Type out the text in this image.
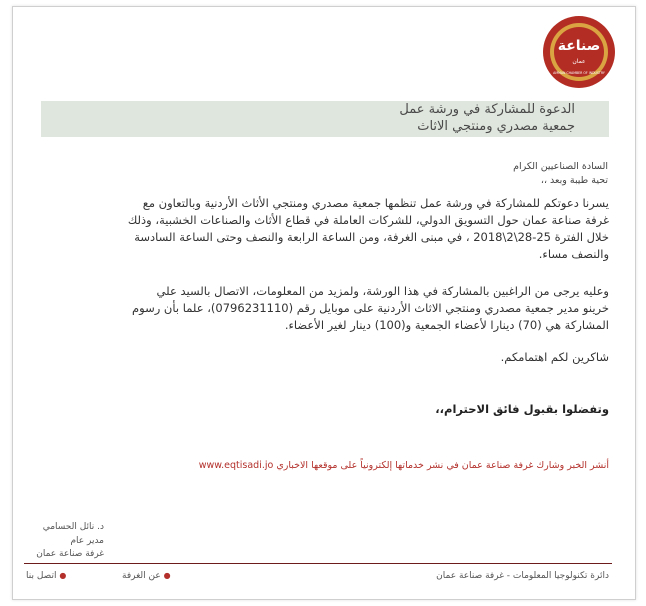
صناعة
عمان
AMMAN CHAMBER OF INDUSTRY
الدعوة للمشاركة في ورشة عمل
جمعية مصدري ومنتجي الاثاث
السادة الصناعيين الكرام
تحية طيبة وبعد ،،
يسرنا دعوتكم للمشاركة في ورشة عمل تنظمها جمعية مصدري ومنتجي الأثاث الأردنية وبالتعاون مع
غرفة صناعة عمان حول التسويق الدولي، للشركات العاملة في قطاع الأثاث والصناعات الخشبية، وذلك
خلال الفترة 25-28\2\2018 ، في مبنى الغرفة، ومن الساعة الرابعة والنصف وحتى الساعة السادسة
والنصف مساء.
وعليه يرجى من الراغبين بالمشاركة في هذا الورشة، ولمزيد من المعلومات، الاتصال بالسيد علي
خرينو مدير جمعية مصدري ومنتجي الاثاث الأردنية على موبايل رقم (0796231110)، علما بأن رسوم
المشاركة هي (70) دينارا لأعضاء الجمعية و(100) دينار لغير الأعضاء.
شاكرين لكم اهتمامكم.
وتفضلوا بقبول فائق الاحترام،،
أنشر الخبر وشارك غرفة صناعة عمان في نشر خدماتها إلكترونياً على موقعها الاخباري www.eqtisadi.jo
د. نائل الحسامي
مدير عام
غرفة صناعة عمان
دائرة تكنولوجيا المعلومات - غرفة صناعة عمان
● عن الغرفة
● اتصل بنا
